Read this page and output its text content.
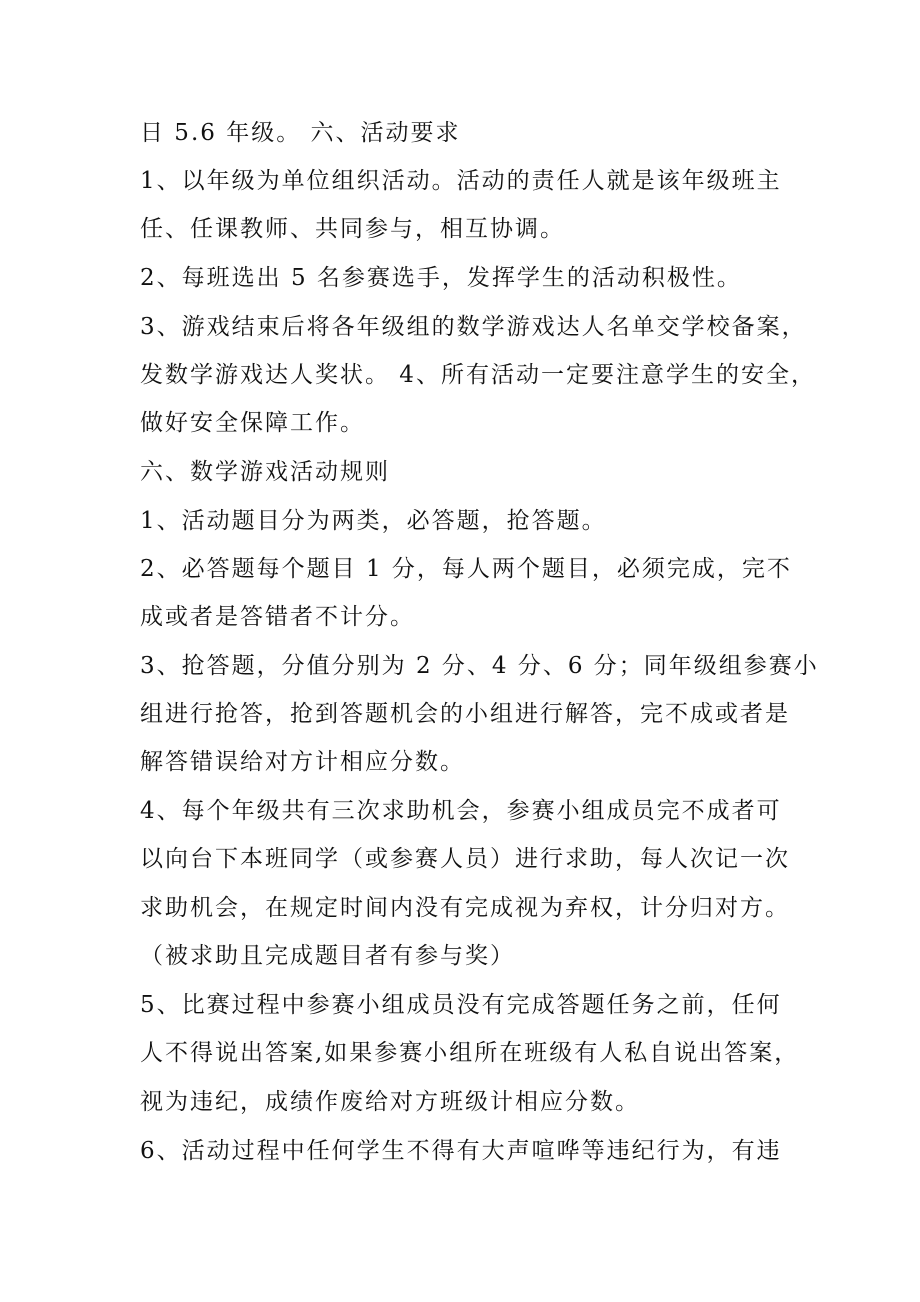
日 5.6 年级。 六、活动要求
1、以年级为单位组织活动。活动的责任人就是该年级班主
任、任课教师、共同参与，相互协调。
2、每班选出 5 名参赛选手，发挥学生的活动积极性。
3、游戏结束后将各年级组的数学游戏达人名单交学校备案，
发数学游戏达人奖状。 4、所有活动一定要注意学生的安全，
做好安全保障工作。
六、数学游戏活动规则
1、活动题目分为两类，必答题，抢答题。
2、必答题每个题目 1 分，每人两个题目，必须完成，完不
成或者是答错者不计分。
3、抢答题，分值分别为 2 分、4 分、6 分；同年级组参赛小
组进行抢答，抢到答题机会的小组进行解答，完不成或者是
解答错误给对方计相应分数。
4、每个年级共有三次求助机会，参赛小组成员完不成者可
以向台下本班同学（或参赛人员）进行求助，每人次记一次
求助机会，在规定时间内没有完成视为弃权，计分归对方。
（被求助且完成题目者有参与奖）
5、比赛过程中参赛小组成员没有完成答题任务之前，任何
人不得说出答案,如果参赛小组所在班级有人私自说出答案，
视为违纪，成绩作废给对方班级计相应分数。
6、活动过程中任何学生不得有大声喧哗等违纪行为，有违
